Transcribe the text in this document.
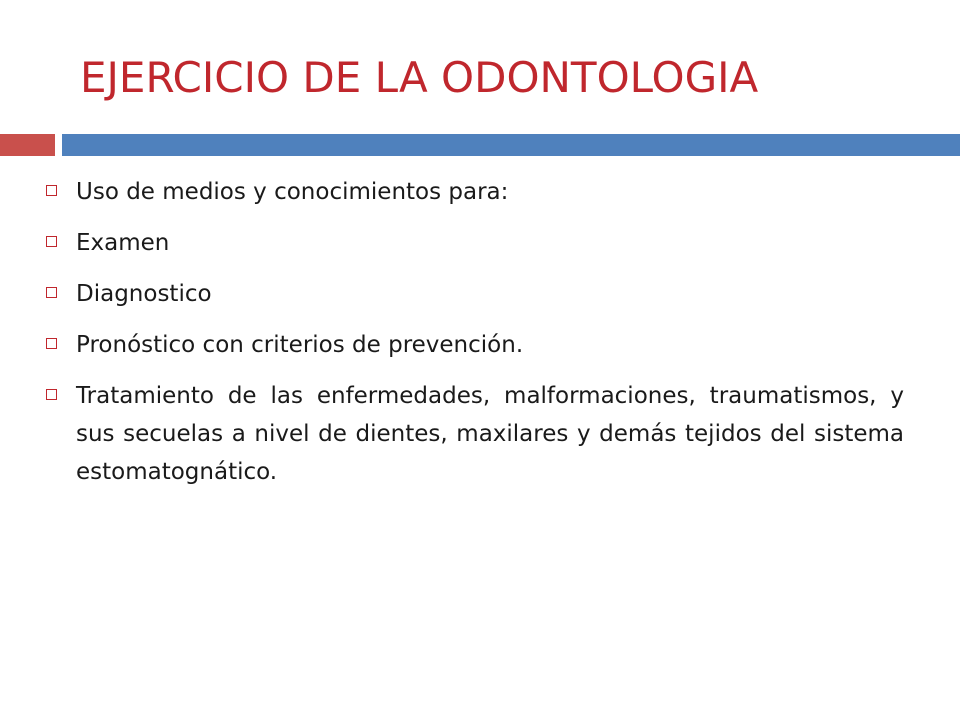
EJERCICIO DE LA ODONTOLOGIA
Uso de medios y conocimientos para:
Examen
Diagnostico
Pronóstico con criterios de prevención.
Tratamiento de las enfermedades, malformaciones, traumatismos, y sus secuelas a nivel de dientes, maxilares y demás tejidos del sistema estomatognático.
